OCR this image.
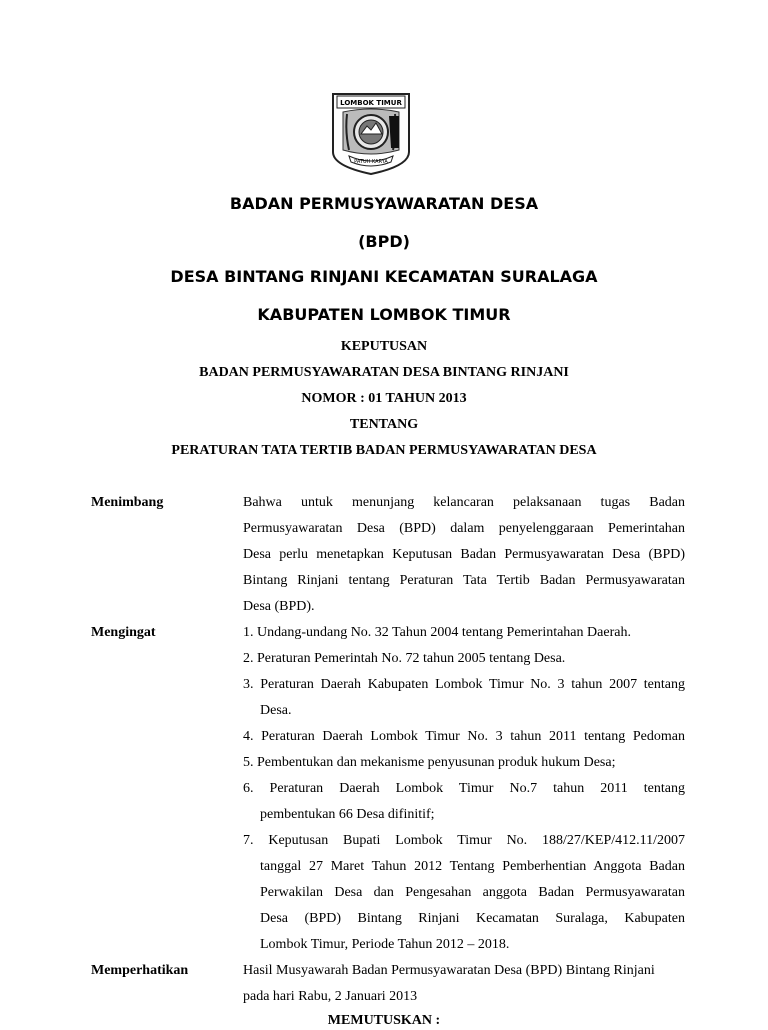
LOMBOK TIMUR
PATUH KARYA
BADAN PERMUSYAWARATAN DESA
(BPD)
DESA BINTANG RINJANI KECAMATAN SURALAGA
KABUPATEN LOMBOK TIMUR
KEPUTUSAN
BADAN PERMUSYAWARATAN DESA BINTANG RINJANI
NOMOR : 01 TAHUN 2013
TENTANG
PERATURAN TATA TERTIB BADAN PERMUSYAWARATAN DESA
Menimbang	Bahwa untuk menunjang kelancaran pelaksanaan tugas Badan
Permusyawaratan Desa (BPD) dalam penyelenggaraan Pemerintahan
Desa perlu menetapkan Keputusan Badan Permusyawaratan Desa (BPD)
Bintang Rinjani tentang Peraturan Tata Tertib Badan Permusyawaratan
Desa (BPD).
Mengingat	1. Undang-undang No. 32 Tahun 2004 tentang Pemerintahan Daerah.
2. Peraturan Pemerintah No. 72 tahun 2005 tentang Desa.
3. Peraturan Daerah Kabupaten Lombok Timur No. 3 tahun 2007 tentang
Desa.
4. Peraturan Daerah Lombok Timur No. 3 tahun 2011 tentang Pedoman
5. Pembentukan dan mekanisme penyusunan produk hukum Desa;
6. Peraturan Daerah Lombok Timur No.7 tahun 2011 tentang
pembentukan 66 Desa difinitif;
7. Keputusan Bupati Lombok Timur No. 188/27/KEP/412.11/2007
tanggal 27 Maret Tahun 2012 Tentang Pemberhentian Anggota Badan
Perwakilan Desa dan Pengesahan anggota Badan Permusyawaratan
Desa (BPD) Bintang Rinjani Kecamatan Suralaga, Kabupaten
Lombok Timur, Periode Tahun 2012 – 2018.
Memperhatikan	Hasil Musyawarah Badan Permusyawaratan Desa (BPD) Bintang Rinjani
pada hari Rabu, 2 Januari 2013
MEMUTUSKAN :
